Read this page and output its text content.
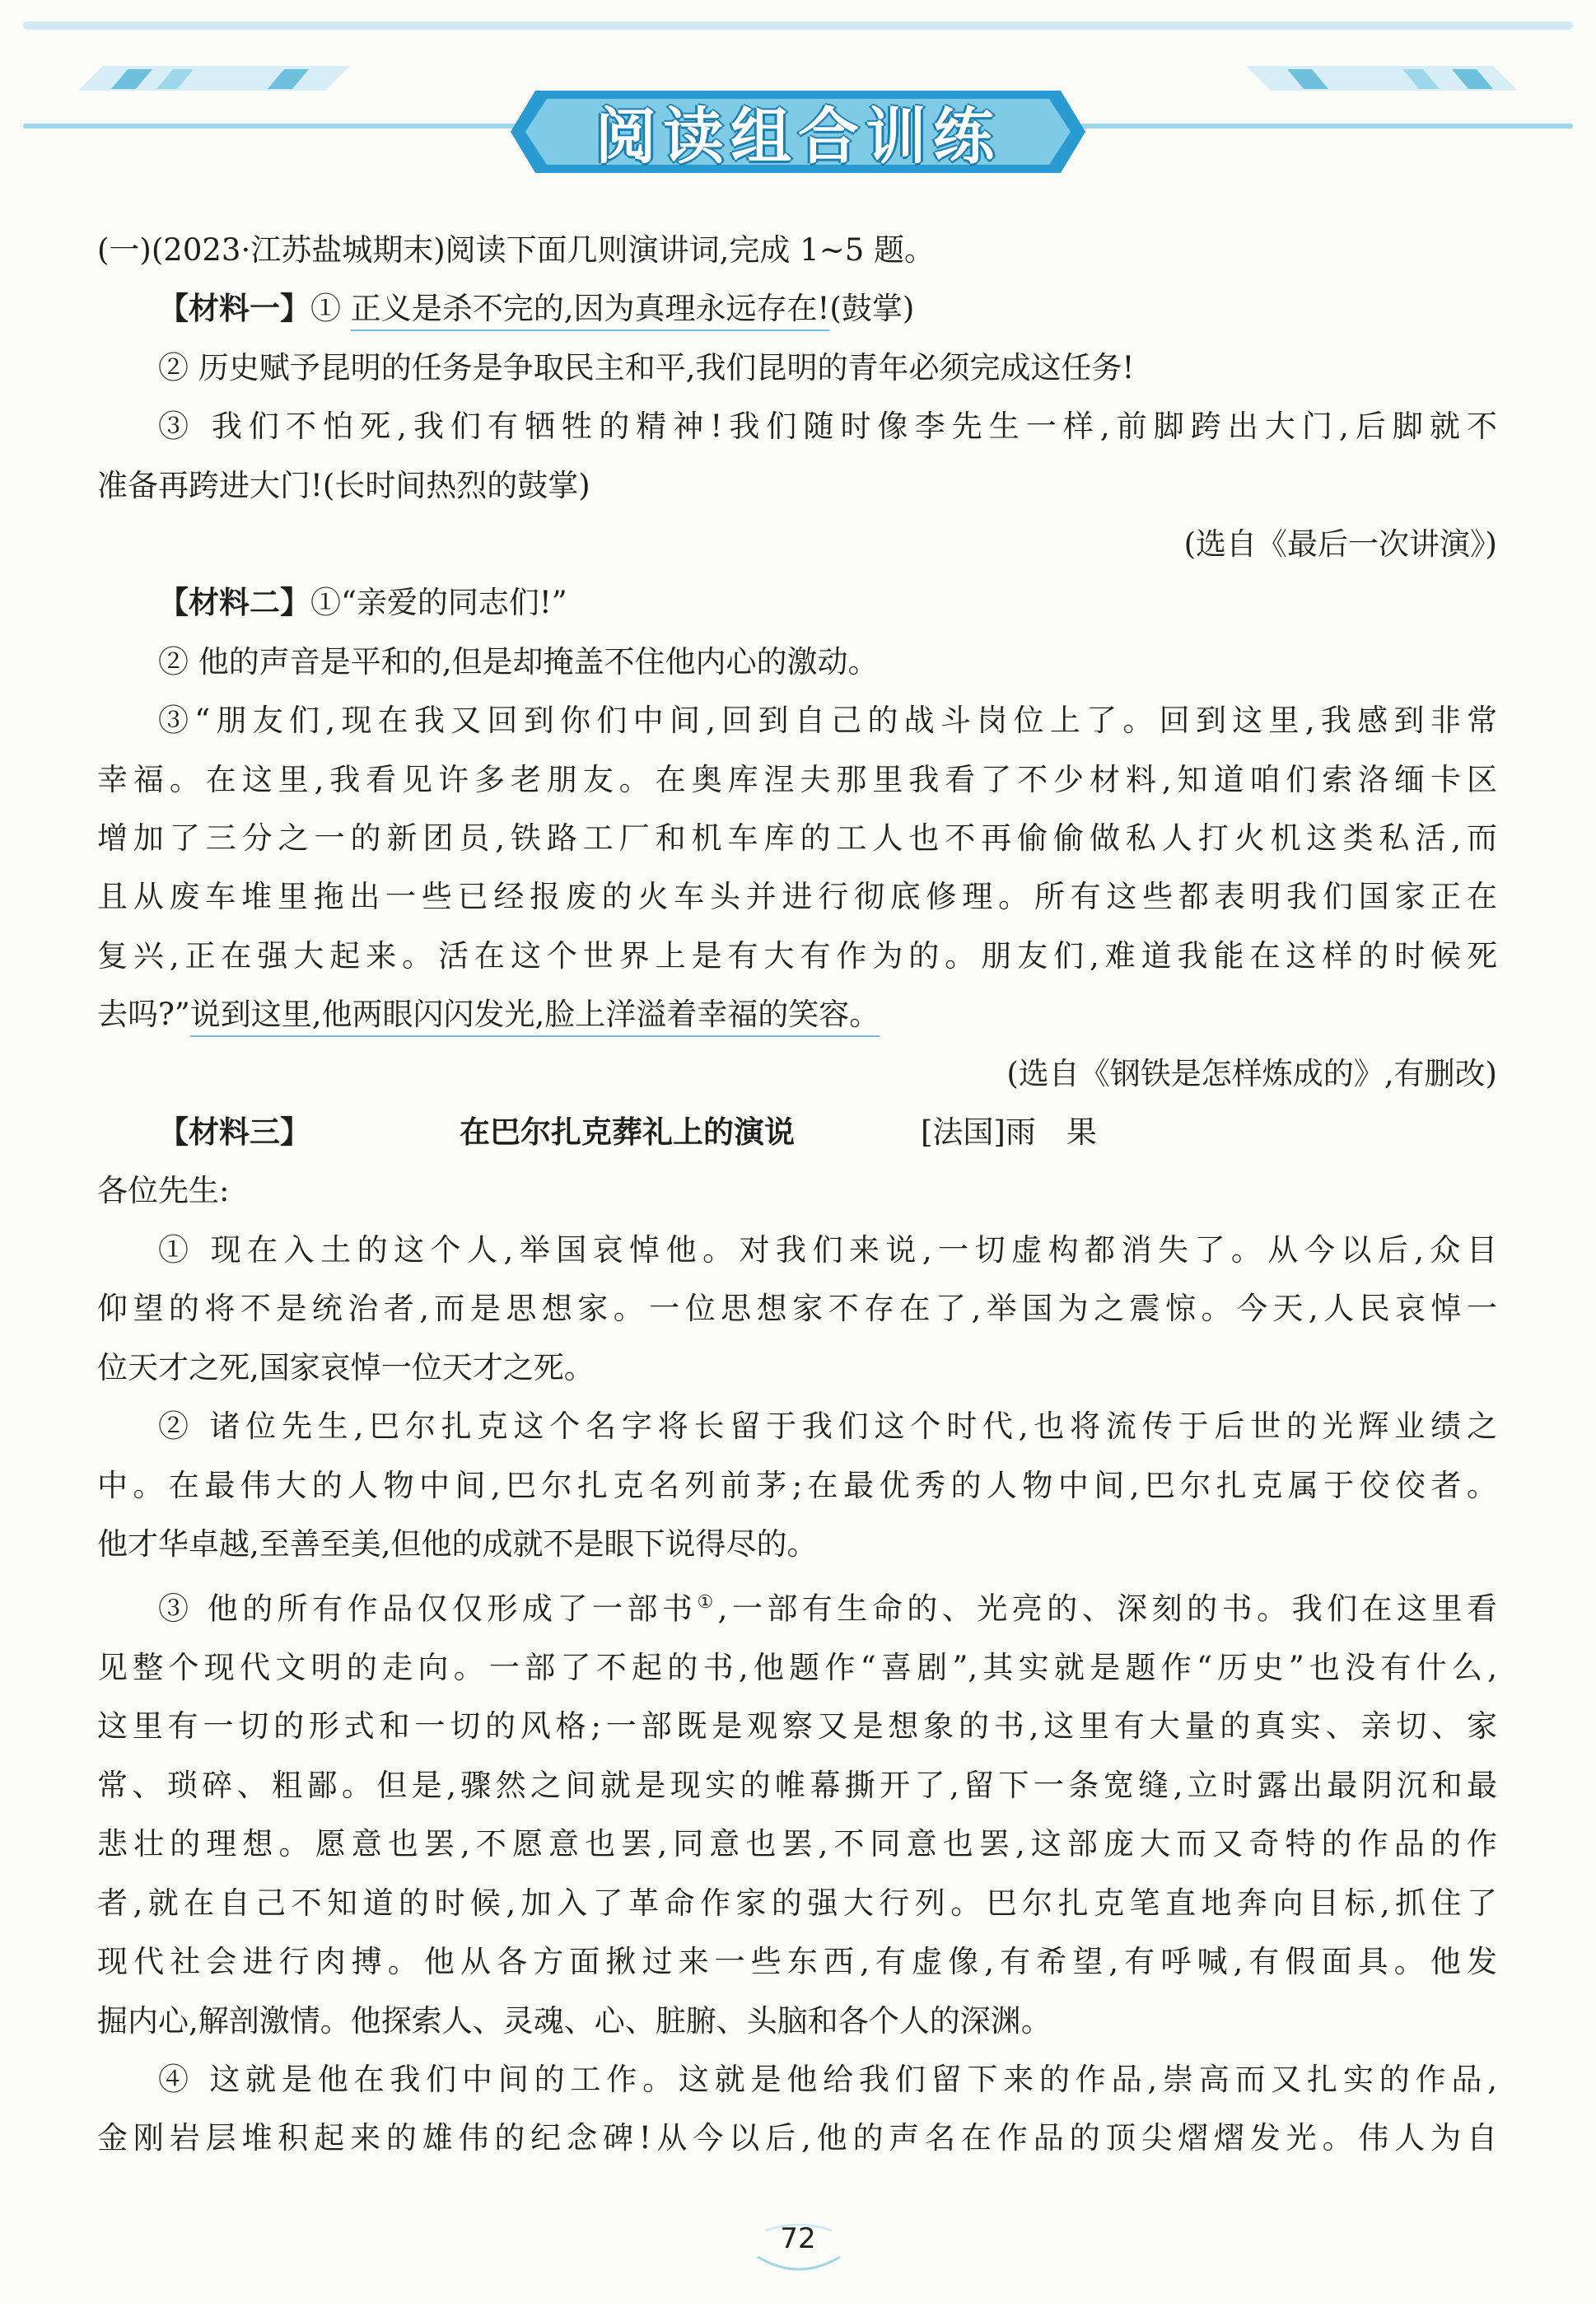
阅读组合训练

(一)(2023·江苏盐城期末)阅读下面几则演讲词,完成 1~5 题。

【材料一】① 正义是杀不完的,因为真理永远存在!(鼓掌)

② 历史赋予昆明的任务是争取民主和平,我们昆明的青年必须完成这任务!

③ 我们不怕死,我们有牺牲的精神!我们随时像李先生一样,前脚跨出大门,后脚就不

准备再跨进大门!(长时间热烈的鼓掌)

(选自《最后一次讲演》)

【材料二】①“亲爱的同志们!”

② 他的声音是平和的,但是却掩盖不住他内心的激动。

③“朋友们,现在我又回到你们中间,回到自己的战斗岗位上了。回到这里,我感到非常

幸福。在这里,我看见许多老朋友。在奥库涅夫那里我看了不少材料,知道咱们索洛缅卡区

增加了三分之一的新团员,铁路工厂和机车库的工人也不再偷偷做私人打火机这类私活,而

且从废车堆里拖出一些已经报废的火车头并进行彻底修理。所有这些都表明我们国家正在

复兴,正在强大起来。活在这个世界上是有大有作为的。朋友们,难道我能在这样的时候死

去吗?”说到这里,他两眼闪闪发光,脸上洋溢着幸福的笑容。

(选自《钢铁是怎样炼成的》,有删改)

【材料三】	在巴尔扎克葬礼上的演说	[法国]雨　果

各位先生:

① 现在入土的这个人,举国哀悼他。对我们来说,一切虚构都消失了。从今以后,众目

仰望的将不是统治者,而是思想家。一位思想家不存在了,举国为之震惊。今天,人民哀悼一

位天才之死,国家哀悼一位天才之死。

② 诸位先生,巴尔扎克这个名字将长留于我们这个时代,也将流传于后世的光辉业绩之

中。在最伟大的人物中间,巴尔扎克名列前茅;在最优秀的人物中间,巴尔扎克属于佼佼者。

他才华卓越,至善至美,但他的成就不是眼下说得尽的。

③ 他的所有作品仅仅形成了一部书①,一部有生命的、光亮的、深刻的书。我们在这里看

见整个现代文明的走向。一部了不起的书,他题作“喜剧”,其实就是题作“历史”也没有什么,

这里有一切的形式和一切的风格;一部既是观察又是想象的书,这里有大量的真实、亲切、家

常、琐碎、粗鄙。但是,骤然之间就是现实的帷幕撕开了,留下一条宽缝,立时露出最阴沉和最

悲壮的理想。愿意也罢,不愿意也罢,同意也罢,不同意也罢,这部庞大而又奇特的作品的作

者,就在自己不知道的时候,加入了革命作家的强大行列。巴尔扎克笔直地奔向目标,抓住了

现代社会进行肉搏。他从各方面揪过来一些东西,有虚像,有希望,有呼喊,有假面具。他发

掘内心,解剖激情。他探索人、灵魂、心、脏腑、头脑和各个人的深渊。

④ 这就是他在我们中间的工作。这就是他给我们留下来的作品,崇高而又扎实的作品,

金刚岩层堆积起来的雄伟的纪念碑!从今以后,他的声名在作品的顶尖熠熠发光。伟人为自

72
